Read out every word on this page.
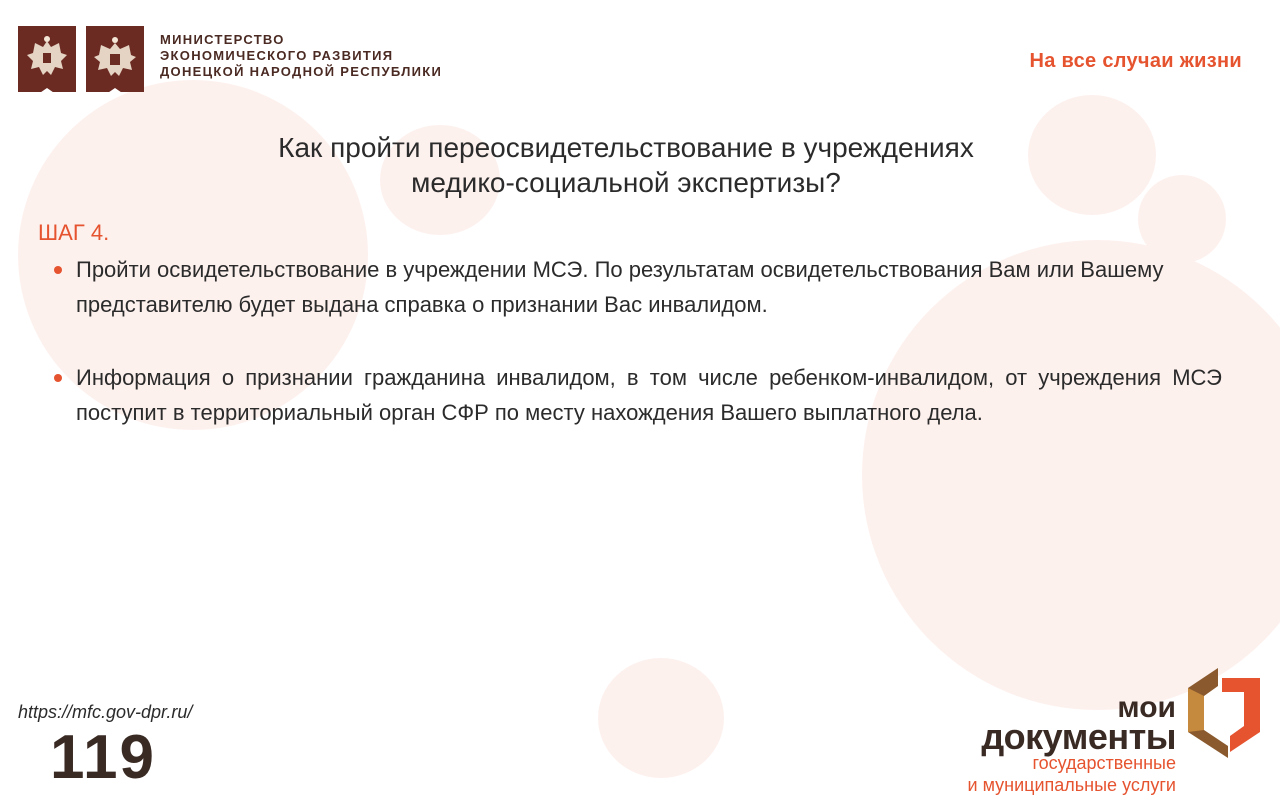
МИНИСТЕРСТВО
ЭКОНОМИЧЕСКОГО РАЗВИТИЯ
ДОНЕЦКОЙ НАРОДНОЙ РЕСПУБЛИКИ	На все случаи жизни
Как пройти переосвидетельствование в учреждениях
медико-социальной экспертизы?
ШАГ 4.
Пройти освидетельствование в учреждении МСЭ. По результатам освидетельствования Вам или Вашему представителю будет выдана справка о признании Вас инвалидом.
Информация о признании гражданина инвалидом, в том числе ребенком-инвалидом, от учреждения МСЭ поступит в территориальный орган СФР по месту нахождения Вашего выплатного дела.
https://mfc.gov-dpr.ru/
119
мои
документы
государственные
и муниципальные услуги
